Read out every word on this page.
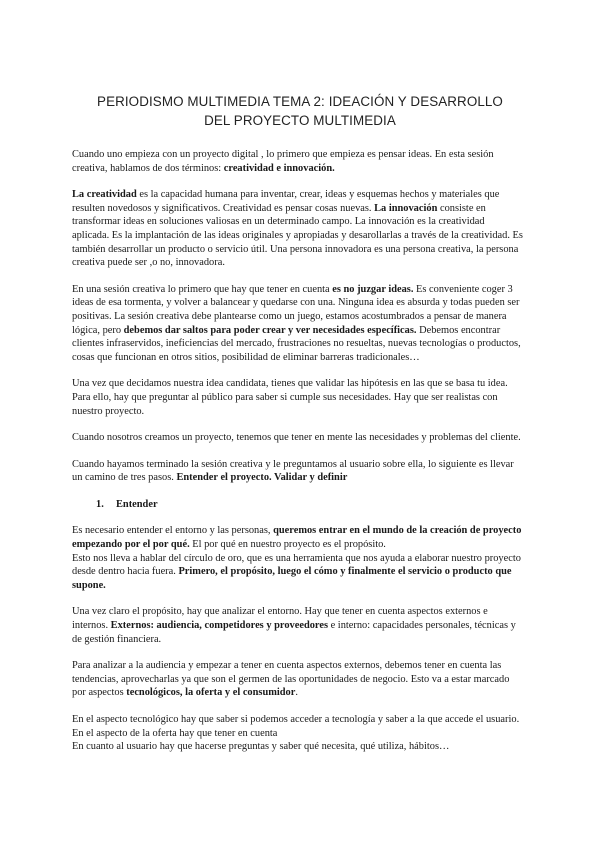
PERIODISMO MULTIMEDIA TEMA 2: IDEACIÓN Y DESARROLLO
DEL PROYECTO MULTIMEDIA

Cuando uno empieza con un proyecto digital , lo primero que empieza es pensar ideas. En esta sesión creativa, hablamos de dos términos: creatividad e innovación.

La creatividad es la capacidad humana para inventar, crear, ideas y esquemas hechos y materiales que resulten novedosos y significativos. Creatividad es pensar cosas nuevas. La innovación consiste en transformar ideas en soluciones valiosas en un determinado campo. La innovación es la creatividad aplicada. Es la implantación de las ideas originales y apropiadas y desarollarlas a través de la creatividad. Es también desarrollar un producto o servicio útil. Una persona innovadora es una persona creativa, la persona creativa puede ser ,o no, innovadora.

En una sesión creativa lo primero que hay que tener en cuenta es no juzgar ideas. Es conveniente coger 3 ideas de esa tormenta, y volver a balancear y quedarse con una. Ninguna idea es absurda y todas pueden ser positivas. La sesión creativa debe plantearse como un juego, estamos acostumbrados a pensar de manera lógica, pero debemos dar saltos para poder crear y ver necesidades específicas. Debemos encontrar clientes infraservidos, ineficiencias del mercado, frustraciones no resueltas, nuevas tecnologías o productos, cosas que funcionan en otros sitios, posibilidad de eliminar barreras tradicionales…

Una vez que decidamos nuestra idea candidata, tienes que validar las hipótesis en las que se basa tu idea. Para ello, hay que preguntar al público para saber si cumple sus necesidades. Hay que ser realistas con nuestro proyecto.

Cuando nosotros creamos un proyecto, tenemos que tener en mente las necesidades y problemas del cliente.

Cuando hayamos terminado la sesión creativa y le preguntamos al usuario sobre ella, lo siguiente es llevar un camino de tres pasos. Entender el proyecto. Validar y definir

1. Entender

Es necesario entender el entorno y las personas, queremos entrar en el mundo de la creación de proyecto empezando por el por qué. El por qué en nuestro proyecto es el propósito.
Esto nos lleva a hablar del círculo de oro, que es una herramienta que nos ayuda a elaborar nuestro proyecto desde dentro hacia fuera. Primero, el propósito, luego el cómo y finalmente el servicio o producto que supone.

Una vez claro el propósito, hay que analizar el entorno. Hay que tener en cuenta aspectos externos e internos. Externos: audiencia, competidores y proveedores e interno: capacidades personales, técnicas y de gestión financiera.

Para analizar a la audiencia y empezar a tener en cuenta aspectos externos, debemos tener en cuenta las tendencias, aprovecharlas ya que son el germen de las oportunidades de negocio. Esto va a estar marcado por aspectos tecnológicos, la oferta y el consumidor.

En el aspecto tecnológico hay que saber si podemos acceder a tecnología y saber a la que accede el usuario.
En el aspecto de la oferta hay que tener en cuenta
En cuanto al usuario hay que hacerse preguntas y saber qué necesita, qué utiliza, hábitos…
